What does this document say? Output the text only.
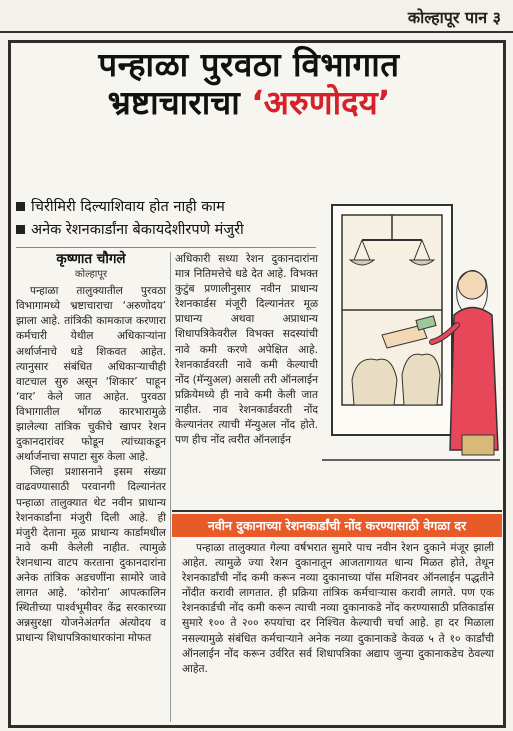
कोल्हापूर पान ३
पन्हाळा पुरवठा विभागात
भ्रष्टाचाराचा ‘अरुणोदय’
चिरीमिरी दिल्याशिवाय होत नाही काम
अनेक रेशनकार्डांना बेकायदेशीरपणे मंजुरी
कृष्णात चौगले
कोल्हापूर

पन्हाळा तालुक्यातील पुरवठा विभागामध्ये भ्रष्टाचाराचा ‘अरुणोदय’ झाला आहे. तांत्रिकी कामकाज करणारा कर्मचारी येथील अधिकाऱ्यांना अर्थार्जनाचे धडे शिकवत आहेत. त्यानुसार संबंधित अधिकाऱ्याचीही वाटचाल सुरु असून ‘शिकार’ पाहून ‘वार’ केले जात आहेत. पुरवठा विभागातील भोंगळ कारभारामुळे झालेल्या तांत्रिक चुकीचे खापर रेशन दुकानदारांवर फोडून त्यांच्याकडून अर्थार्जनाचा सपाटा सुरु केला आहे.

जिल्हा प्रशासनाने इसम संख्या वाढवण्यासाठी परवानगी दिल्यानंतर पन्हाळा तालुक्यात थेट नवीन प्राधान्य रेशनकार्डांना मंजुरी दिली आहे. ही मंजुरी देताना मूळ प्राधान्य कार्डामधील नावे कमी केलेली नाहीत. त्यामुळे रेशनधान्य वाटप करताना दुकानदारांना अनेक तांत्रिक अडचणींना सामोरे जावे लागत आहे. ‘कोरोना’ आपत्कालिन स्थितीच्या पार्श्वभूमीवर केंद्र सरकारच्या अन्नसुरक्षा योजनेअंतर्गत अंत्योदय व प्राधान्य शिधापत्रिकाधारकांना मोफत

अधिकारी सध्या रेशन दुकानदारांना मात्र नितिमत्तेचे धडे देत आहे. विभक्त कुटुंब प्रणालीनुसार नवीन प्राधान्य रेशनकार्डस मंजूरी दिल्यानंतर मूळ प्राधान्य अथवा अप्राधान्य शिधापत्रिकेवरील विभक्त सदस्यांची नावे कमी करणे अपेक्षित आहे. रेशनकार्डवरती नावे कमी केल्याची नोंद (मॅन्युअल) असली तरी ऑनलाईन प्रक्रियेमध्ये ही नावे कमी केली जात नाहीत. नाव रेशनकार्डवरती नोंद केल्यानंतर त्याची मॅन्युअल नोंद होते. पण हीच नोंद त्वरीत ऑनलाईन

नवीन दुकानाच्या रेशनकार्डांची नोंद करण्यासाठी वेगळा दर

पन्हाळा तालुक्यात गेल्या वर्षभरात सुमारे पाच नवीन रेशन दुकाने मंजूर झाली आहेत. त्यामुळे ज्या रेशन दुकानातून आजतागायत धान्य मिळत होते, तेथून रेशनकार्डांची नोंद कमी करून नव्या दुकानाच्या पॉस मशिनवर ऑनलाईन पद्धतीने नोंदीत करावी लागतात. ही प्रक्रिया तांत्रिक कर्मचाऱ्यास करावी लागते. पण एक रेशनकार्डची नोंद कमी करून त्याची नव्या दुकानाकडे नोंद करण्यासाठी प्रतिकार्डास सुमारे १०० ते २०० रुपयांचा दर निश्चित केल्याची चर्चा आहे. हा दर मिळाला नसल्यामुळे संबंधित कर्मचाऱ्याने अनेक नव्या दुकानाकडे केवळ ५ ते १० कार्डांची ऑनलाईन नोंद करून उर्वरित सर्व शिधापत्रिका अद्याप जुन्या दुकानाकडेच ठेवल्या आहेत.
